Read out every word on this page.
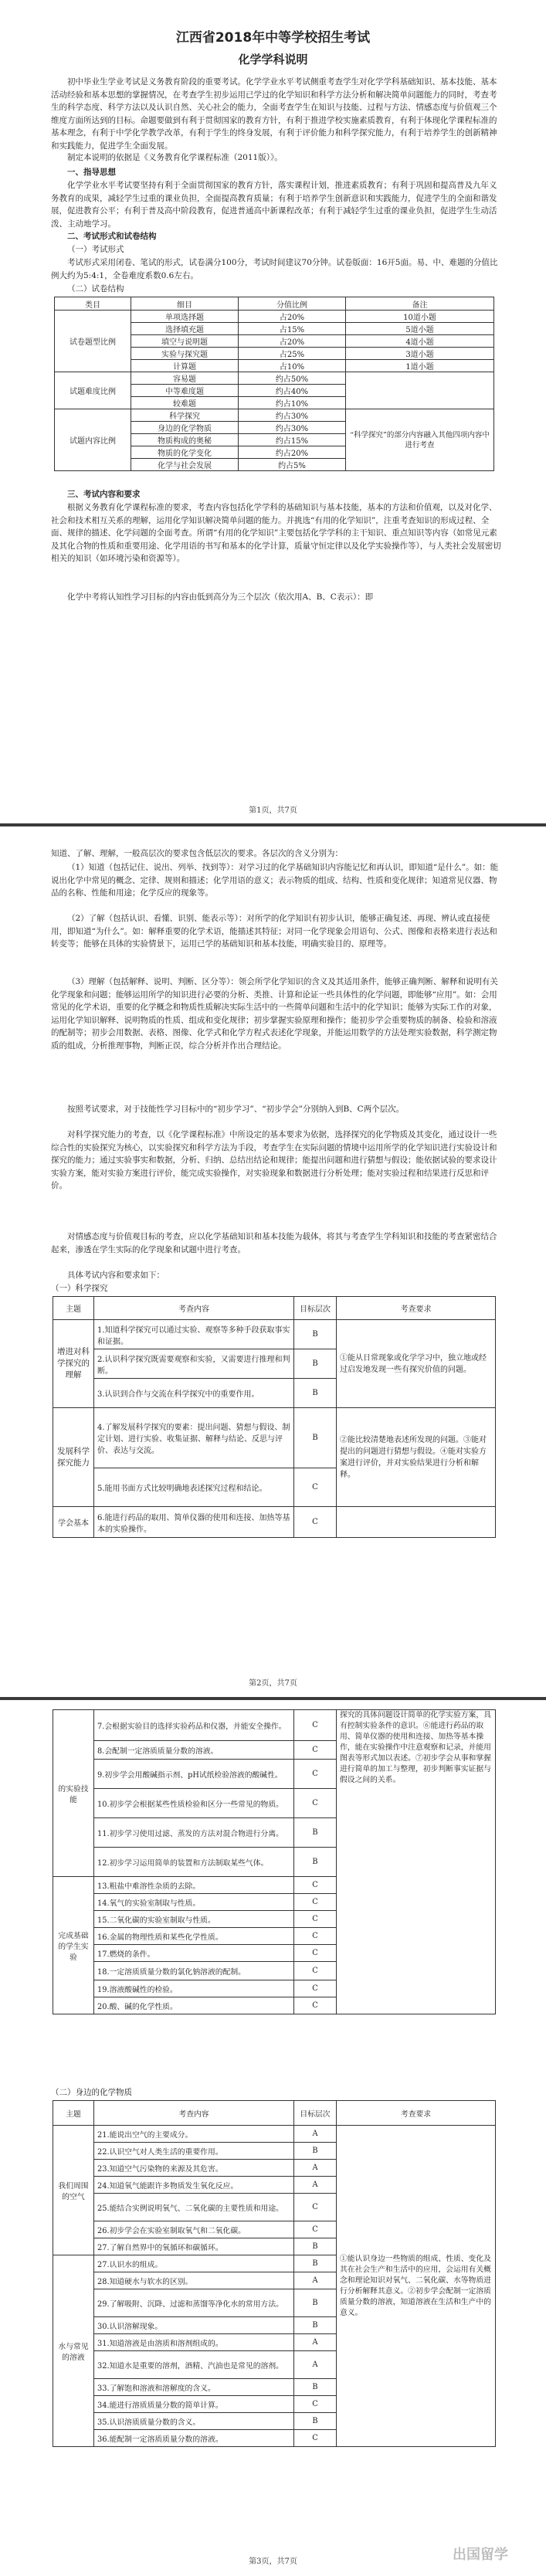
江西省2018年中等学校招生考试
化学学科说明
初中毕业生学业考试是义务教育阶段的重要考试。化学学业水平考试侧重考查学生对化学学科基础知识、基本技能、基本活动经验和基本思想的掌握情况，在考查学生初步运用已学过的化学知识和科学方法分析和解决简单问题能力的同时，考查考生的科学态度、科学方法以及认识自然、关心社会的能力，全面考查学生在知识与技能、过程与方法、情感态度与价值观三个维度方面所达到的目标。命题要做到有利于贯彻国家的教育方针，有利于推进学校实施素质教育，有利于体现化学课程标准的基本理念，有利于中学化学教学改革，有利于学生的终身发展，有利于评价能力和科学探究能力，有利于培养学生的创新精神和实践能力，促进学生全面发展。
制定本说明的依据是《义务教育化学课程标准（2011版）》。
一、指导思想
化学学业水平考试要坚持有利于全面贯彻国家的教育方针，落实课程计划，推进素质教育；有利于巩固和提高普及九年义务教育的成果，减轻学生过重的课业负担，全面提高教育质量；有利于培养学生创新意识和实践能力，促进学生的全面和谐发展，促进教育公平；有利于普及高中阶段教育，促进普通高中新课程改革；有利于减轻学生过重的课业负担，促进学生生动活泼、主动地学习。
二、考试形式和试卷结构
（一）考试形式
考试形式采用闭卷、笔试的形式，试卷满分100分，考试时间建议70分钟。试卷版面：16开5面。易、中、难题的分值比例大约为5:4:1，全卷难度系数0.6左右。
（二）试卷结构
类目	细目	分值比例	备注
试卷题型比例	单项选择题	占20%	10道小题
	选择填充题	占15%	5道小题
	填空与说明题	占20%	4道小题
	实验与探究题	占25%	3道小题
	计算题	占10%	1道小题
试题难度比例	容易题	约占50%	
	中等难度题	约占40%	
	较难题	约占10%	
试题内容比例	科学探究	约占30%	“科学探究”的部分内容融入其他四项内容中进行考查
	身边的化学物质	约占30%	
	物质构成的奥秘	约占15%	
	物质的化学变化	约占20%	
	化学与社会发展	约占5%	
三、考试内容和要求
根据义务教育化学课程标准的要求，考查内容包括化学学科的基础知识与基本技能，基本的方法和价值观，以及对化学、社会和技术相互关系的理解，运用化学知识解决简单问题的能力。并挑选“有用的化学知识”，注重考查知识的形成过程、全面、规律的描述、化学问题的全面考查。所谓“有用的化学知识”主要包括化学学科的主干知识、重点知识等内容（如常见元素及其化合物的性质和重要用途、化学用语的书写和基本的化学计算，质量守恒定律以及化学实验操作等），与人类社会发展密切相关的知识（如环境污染和资源等）。
化学中考将认知性学习目标的内容由低到高分为三个层次（依次用A、B、C表示）：即
第1页，共7页
知道、了解、理解，一般高层次的要求包含低层次的要求。各层次的含义分别为：
（1）知道（包括记住、说出、列举、找到等）：对学习过的化学基础知识内容能记忆和再认识，即知道“是什么”。如：能说出化学中常见的概念、定律、规则和描述；化学用语的意义；表示物质的组成、结构、性质和变化规律；知道常见仪器、物品的名称、性能和用途；化学反应的现象等。
（2）了解（包括认识、看懂、识别、能表示等）：对所学的化学知识有初步认识，能够正确复述、再现、辨认或直接使用，即知道“为什么”。如：解释重要的化学术语，能描述其特征；对同一化学现象会用语句、公式、图像和表格来进行表达和转变等；能够在具体的实验情景下，运用已学的基础知识和基本技能，明确实验目的、原理等。
（3）理解（包括解释、说明、判断、区分等）：领会所学化学知识的含义及其适用条件，能够正确判断、解释和说明有关化学现象和问题；能够运用所学的知识进行必要的分析、类推、计算和论证一些具体性的化学问题，即能够“应用”。如：会用常见的化学术语，重要的化学概念和物质性质解决实际生活中的一些简单问题和生活中的化学知识；能够为实际工作的对象，运用化学知识解释、说明物质的性质、组成和变化规律；初步掌握实验原理和操作；能初步学会重要物质的制备、检验和溶液的配制等；初步会用数据、表格、图像、化学式和化学方程式表述化学现象，并能运用数学的方法处理实验数据，科学测定物质的组成，分析推理事物，判断正误，综合分析并作出合理结论。
按照考试要求，对于技能性学习目标中的“初步学习”、“初步学会”分别纳入到B、C两个层次。
对科学探究能力的考查，以《化学课程标准》中所设定的基本要求为依据，选择探究的化学物质及其变化，通过设计一些综合性的实验探究为核心，以实验探究和科学方法为手段，考查学生在实际问题的情境中运用所学的化学知识进行实验设计和探究的能力；通过实验事实和数据，分析、归纳、总结出结论和规律；能提出问题和进行猜想与假设；能依据试验的要求设计实验方案，能对实验方案进行评价，能完成实验操作，对实验现象和数据进行分析处理；能对实验过程和结果进行反思和评价。
对情感态度与价值观目标的考查，应以化学基础知识和基本技能为载体，将其与考查学生学科知识和技能的考查紧密结合起来，渗透在学生实际的化学现象和试题中进行考查。
具体考试内容和要求如下：
（一）科学探究
主题	考查内容	目标层次	考查要求
增进对科学探究的理解	1.知道科学探究可以通过实验、观察等多种手段获取事实和证据。	B	①能从日常现象或化学学习中，独立地或经过启发地发现一些有探究价值的问题。
	2.认识科学探究既需要观察和实验，又需要进行推理和判断。	B	
	3.认识到合作与交流在科学探究中的重要作用。	B	
发展科学探究能力	4.了解发展科学探究的要素：提出问题、猜想与假设、制定计划、进行实验、收集证据、解释与结论、反思与评价、表达与交流。	B	②能比较清楚地表述所发现的问题。③能对提出的问题进行猜想与假设。④能对实验方案进行评价，并对实验结果进行分析和解释。
	5.能用书面方式比较明确地表述探究过程和结论。	C	
学会基本	6.能进行药品的取用、简单仪器的使用和连接、加热等基本的实验操作。	C	
第2页，共7页
的实验技能	7.会根据实验目的选择实验药品和仪器，并能安全操作。	C	探究的具体问题设计简单的化学实验方案，具有控制实验条件的意识。⑥能进行药品的取用、简单仪器的使用和连接、加热等基本操作，能在实验操作中注意观察和记录，并能用图表等形式加以表述。⑦初步学会从事和掌握进行简单的加工与整理，初步判断事实证据与假设之间的关系。
	8.会配制一定溶质质量分数的溶液。	C	
	9.初步学会用酸碱指示剂、pH试纸检验溶液的酸碱性。	C	
	10.初步学会根据某些性质检验和区分一些常见的物质。	C	
	11.初步学习使用过滤、蒸发的方法对混合物进行分离。	B	
	12.初步学习运用简单的装置和方法制取某些气体。	B	
完成基础的学生实验	13.粗盐中难溶性杂质的去除。	C	
	14.氧气的实验室制取与性质。	C	
	15.二氧化碳的实验室制取与性质。	C	
	16.金属的物理性质和某些化学性质。	C	
	17.燃烧的条件。	C	
	18.一定溶质质量分数的氯化钠溶液的配制。	C	
	19.溶液酸碱性的检验。	C	
	20.酸、碱的化学性质。	C	
（二）身边的化学物质
主题	考查内容	目标层次	考查要求
我们周围的空气	21.能说出空气的主要成分。	A	①能认识身边一些物质的组成、性质、变化及其在社会生产和生活中的应用，会运用有关概念和理论知识对氧气、二氧化碳、水等物质进行分析解释其意义。②初步学会配制一定溶质质量分数的溶液，知道溶液在生活和生产中的意义。
	22.认识空气对人类生活的重要作用。	B	
	23.知道空气污染物的来源及其危害。	A	
	24.知道氧气能跟许多物质发生氧化反应。	A	
	25.能结合实例说明氧气、二氧化碳的主要性质和用途。	C	
	26.初步学会在实验室制取氧气和二氧化碳。	C	
	27.了解自然界中的氧循环和碳循环。	B	
水与常见的溶液	27.认识水的组成。	B	
	28.知道硬水与软水的区别。	A	
	29.了解吸附、沉降、过滤和蒸馏等净化水的常用方法。	B	
	30.认识溶解现象。	B	
	31.知道溶液是由溶质和溶剂组成的。	A	
	32.知道水是重要的溶剂，酒精、汽油也是常见的溶剂。	A	
	33.了解饱和溶液和溶解度的含义。	B	
	34.能进行溶质质量分数的简单计算。	C	
	35.认识溶质质量分数的含义。	B	
	36.能配制一定溶质质量分数的溶液。	C	
第3页，共7页	出国留学
